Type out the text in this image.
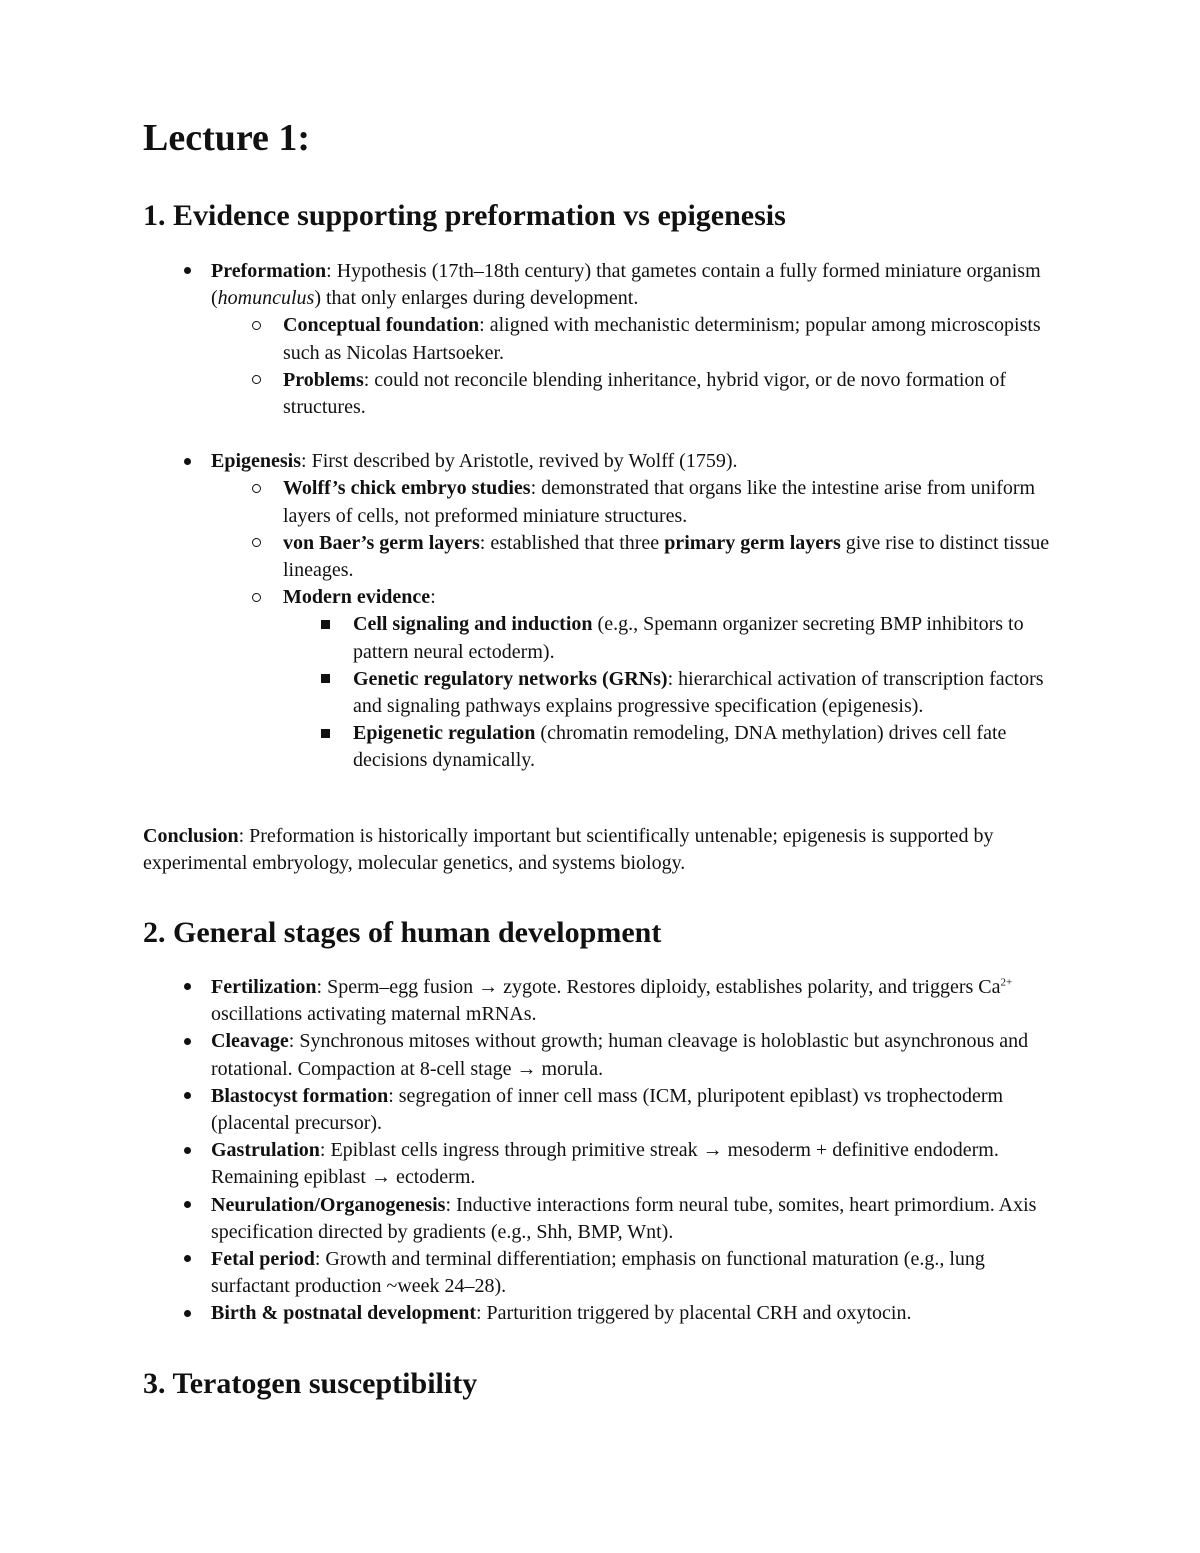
Lecture 1:
1. Evidence supporting preformation vs epigenesis
Preformation: Hypothesis (17th–18th century) that gametes contain a fully formed miniature organism (homunculus) that only enlarges during development.
Conceptual foundation: aligned with mechanistic determinism; popular among microscopists such as Nicolas Hartsoeker.
Problems: could not reconcile blending inheritance, hybrid vigor, or de novo formation of structures.
Epigenesis: First described by Aristotle, revived by Wolff (1759).
Wolff’s chick embryo studies: demonstrated that organs like the intestine arise from uniform layers of cells, not preformed miniature structures.
von Baer’s germ layers: established that three primary germ layers give rise to distinct tissue lineages.
Modern evidence:
Cell signaling and induction (e.g., Spemann organizer secreting BMP inhibitors to pattern neural ectoderm).
Genetic regulatory networks (GRNs): hierarchical activation of transcription factors and signaling pathways explains progressive specification (epigenesis).
Epigenetic regulation (chromatin remodeling, DNA methylation) drives cell fate decisions dynamically.

Conclusion: Preformation is historically important but scientifically untenable; epigenesis is supported by experimental embryology, molecular genetics, and systems biology.

2. General stages of human development
Fertilization: Sperm–egg fusion → zygote. Restores diploidy, establishes polarity, and triggers $Ca^{2+}$ oscillations activating maternal mRNAs.
Cleavage: Synchronous mitoses without growth; human cleavage is holoblastic but asynchronous and rotational. Compaction at 8-cell stage → morula.
Blastocyst formation: segregation of inner cell mass (ICM, pluripotent epiblast) vs trophectoderm (placental precursor).
Gastrulation: Epiblast cells ingress through primitive streak → mesoderm + definitive endoderm. Remaining epiblast → ectoderm.
Neurulation/Organogenesis: Inductive interactions form neural tube, somites, heart primordium. Axis specification directed by gradients (e.g., Shh, BMP, Wnt).
Fetal period: Growth and terminal differentiation; emphasis on functional maturation (e.g., lung surfactant production ~week 24–28).
Birth & postnatal development: Parturition triggered by placental CRH and oxytocin.
3. Teratogen susceptibility
